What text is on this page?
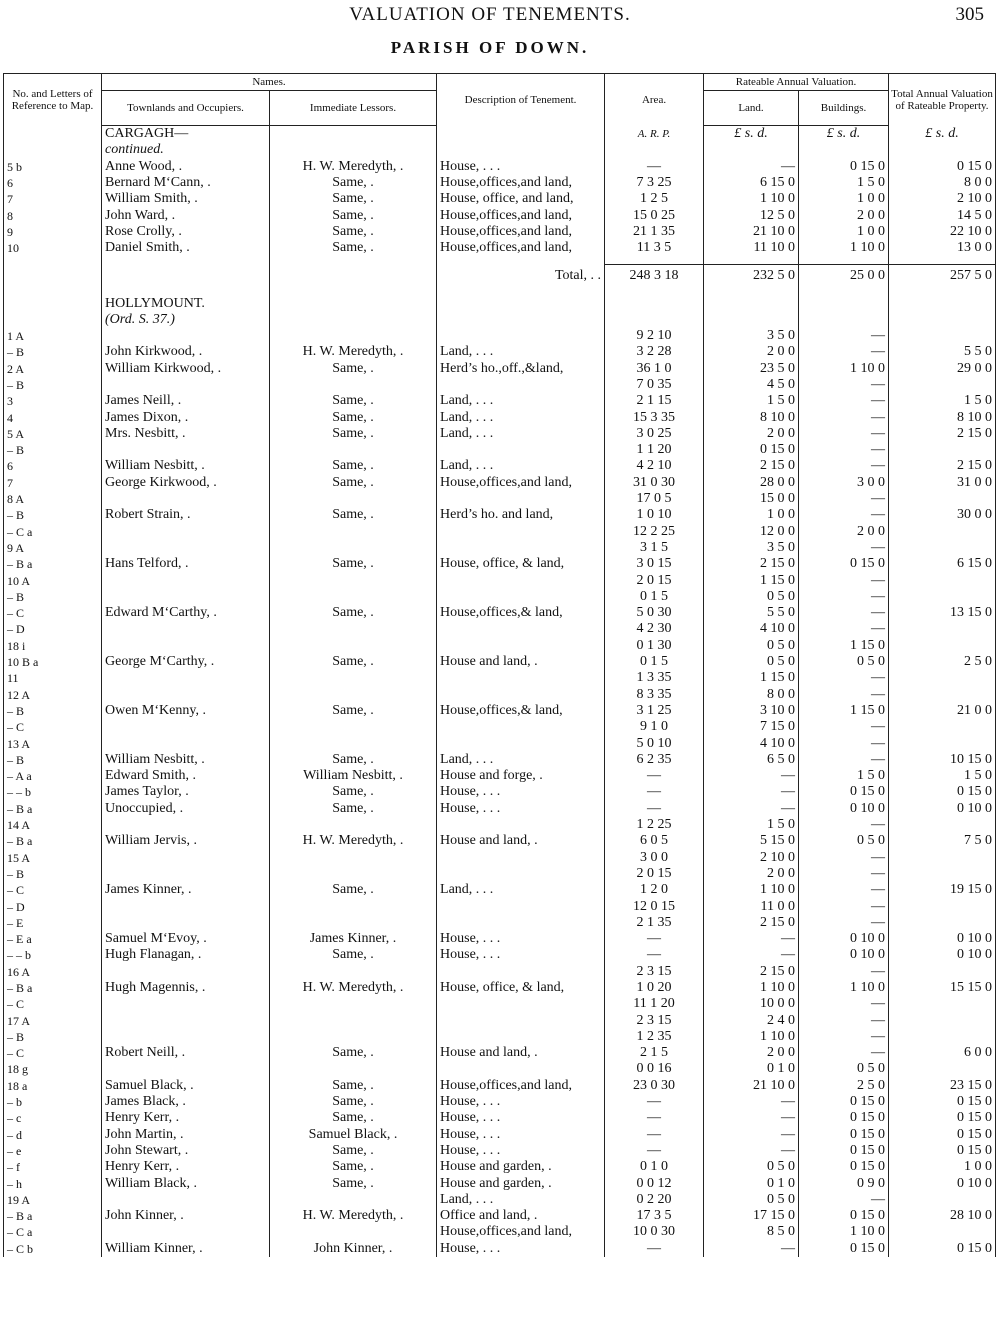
VALUATION OF TENEMENTS.	305
PARISH OF DOWN.
No. and Letters of Reference to Map.	Names.		Description of Tenement.	Area.	Rateable Annual Valuation.		Total Annual Valuation of Rateable Property.
	Townlands and Occupiers.	Immediate Lessors.			Land.	Buildings.	
	CARGAGH—			A. R. P.	£ s. d.	£ s. d.	£ s. d.
	continued.						
5 b	Anne Wood, .	H. W. Meredyth, .	House, . . .	—	—	0 15 0	0 15 0
6	Bernard M‘Cann, .	Same, .	House,offices,and land,	7 3 25	6 15 0	1 5 0	8 0 0
7	William Smith, .	Same, .	House, office, and land,	1 2 5	1 10 0	1 0 0	2 10 0
8	John Ward, .	Same, .	House,offices,and land,	15 0 25	12 5 0	2 0 0	14 5 0
9	Rose Crolly, .	Same, .	House,offices,and land,	21 1 35	21 10 0	1 0 0	22 10 0
10	Daniel Smith, .	Same, .	House,offices,and land,	11 3 5	11 10 0	1 10 0	13 0 0

			Total, . .	248 3 18	232 5 0	25 0 0	257 5 0

	HOLLYMOUNT.						
	(Ord. S. 37.)						
1 A				9 2 10	3 5 0	—	
– B	John Kirkwood, .	H. W. Meredyth, .	Land, . . .	3 2 28	2 0 0	—	5 5 0
2 A	William Kirkwood, .	Same, .	Herd’s ho.,off.,&land,	36 1 0	23 5 0	1 10 0	29 0 0
– B				7 0 35	4 5 0	—	
3	James Neill, .	Same, .	Land, . . .	2 1 15	1 5 0	—	1 5 0
4	James Dixon, .	Same, .	Land, . . .	15 3 35	8 10 0	—	8 10 0
5 A	Mrs. Nesbitt, .	Same, .	Land, . . .	3 0 25	2 0 0	—	2 15 0
– B				1 1 20	0 15 0	—	
6	William Nesbitt, .	Same, .	Land, . . .	4 2 10	2 15 0	—	2 15 0
7	George Kirkwood, .	Same, .	House,offices,and land,	31 0 30	28 0 0	3 0 0	31 0 0
8 A				17 0 5	15 0 0	—	
– B	Robert Strain, .	Same, .	Herd’s ho. and land,	1 0 10	1 0 0	—	30 0 0
– C a				12 2 25	12 0 0	2 0 0	
9 A				3 1 5	3 5 0	—	
– B a	Hans Telford, .	Same, .	House, office, & land,	3 0 15	2 15 0	0 15 0	6 15 0
10 A				2 0 15	1 15 0	—	
– B				0 1 5	0 5 0	—	
– C	Edward M‘Carthy, .	Same, .	House,offices,& land,	5 0 30	5 5 0	—	13 15 0
– D				4 2 30	4 10 0	—	
18 i				0 1 30	0 5 0	1 15 0	
10 B a	George M‘Carthy, .	Same, .	House and land, .	0 1 5	0 5 0	0 5 0	2 5 0
11				1 3 35	1 15 0	—	
12 A				8 3 35	8 0 0	—	
– B	Owen M‘Kenny, .	Same, .	House,offices,& land,	3 1 25	3 10 0	1 15 0	21 0 0
– C				9 1 0	7 15 0	—	
13 A				5 0 10	4 10 0	—	
– B	William Nesbitt, .	Same, .	Land, . . .	6 2 35	6 5 0	—	10 15 0
– A a	Edward Smith, .	William Nesbitt, .	House and forge, .	—	—	1 5 0	1 5 0
– – b	James Taylor, .	Same, .	House, . . .	—	—	0 15 0	0 15 0
– B a	Unoccupied, .	Same, .	House, . . .	—	—	0 10 0	0 10 0
14 A				1 2 25	1 5 0	—	
– B a	William Jervis, .	H. W. Meredyth, .	House and land, .	6 0 5	5 15 0	0 5 0	7 5 0
15 A				3 0 0	2 10 0	—	
– B				2 0 15	2 0 0	—	
– C	James Kinner, .	Same, .	Land, . . .	1 2 0	1 10 0	—	19 15 0
– D				12 0 15	11 0 0	—	
– E				2 1 35	2 15 0	—	
– E a	Samuel M‘Evoy, .	James Kinner, .	House, . . .	—	—	0 10 0	0 10 0
– – b	Hugh Flanagan, .	Same, .	House, . . .	—	—	0 10 0	0 10 0
16 A				2 3 15	2 15 0	—	
– B a	Hugh Magennis, .	H. W. Meredyth, .	House, office, & land,	1 0 20	1 10 0	1 10 0	15 15 0
– C				11 1 20	10 0 0	—	
17 A				2 3 15	2 4 0	—	
– B				1 2 35	1 10 0	—	
– C	Robert Neill, .	Same, .	House and land, .	2 1 5	2 0 0	—	6 0 0
18 g				0 0 16	0 1 0	0 5 0	
18 a	Samuel Black, .	Same, .	House,offices,and land,	23 0 30	21 10 0	2 5 0	23 15 0
– b	James Black, .	Same, .	House, . . .	—	—	0 15 0	0 15 0
– c	Henry Kerr, .	Same, .	House, . . .	—	—	0 15 0	0 15 0
– d	John Martin, .	Samuel Black, .	House, . . .	—	—	0 15 0	0 15 0
– e	John Stewart, .	Same, .	House, . . .	—	—	0 15 0	0 15 0
– f	Henry Kerr, .	Same, .	House and garden, .	0 1 0	0 5 0	0 15 0	1 0 0
– h	William Black, .	Same, .	House and garden, .	0 0 12	0 1 0	0 9 0	0 10 0
19 A			Land, . . .	0 2 20	0 5 0	—	
– B a	John Kinner, .	H. W. Meredyth, .	Office and land, .	17 3 5	17 15 0	0 15 0	28 10 0
– C a			House,offices,and land,	10 0 30	8 5 0	1 10 0	
– C b	William Kinner, .	John Kinner, .	House, . . .	—	—	0 15 0	0 15 0
